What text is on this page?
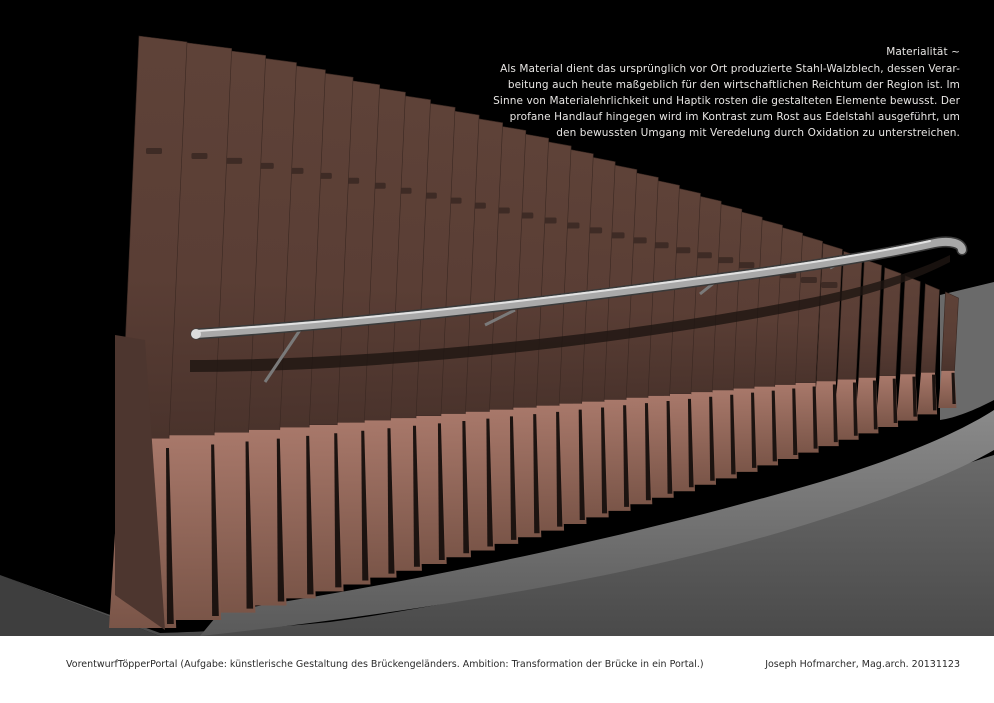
Materialität ~
Als Material dient das ursprünglich vor Ort produzierte Stahl-Walzblech, dessen Verar-
beitung auch heute maßgeblich für den wirtschaftlichen Reichtum der Region ist. Im
Sinne von Materialehrlichkeit und Haptik rosten die gestalteten Elemente bewusst. Der
profane Handlauf hingegen wird im Kontrast zum Rost aus Edelstahl ausgeführt, um
den bewussten Umgang mit Veredelung durch Oxidation zu unterstreichen.
VorentwurfTöpperPortal (Aufgabe: künstlerische Gestaltung des Brückengeländers. Ambition: Transformation der Brücke in ein Portal.)	Joseph Hofmarcher, Mag.arch. 20131123
